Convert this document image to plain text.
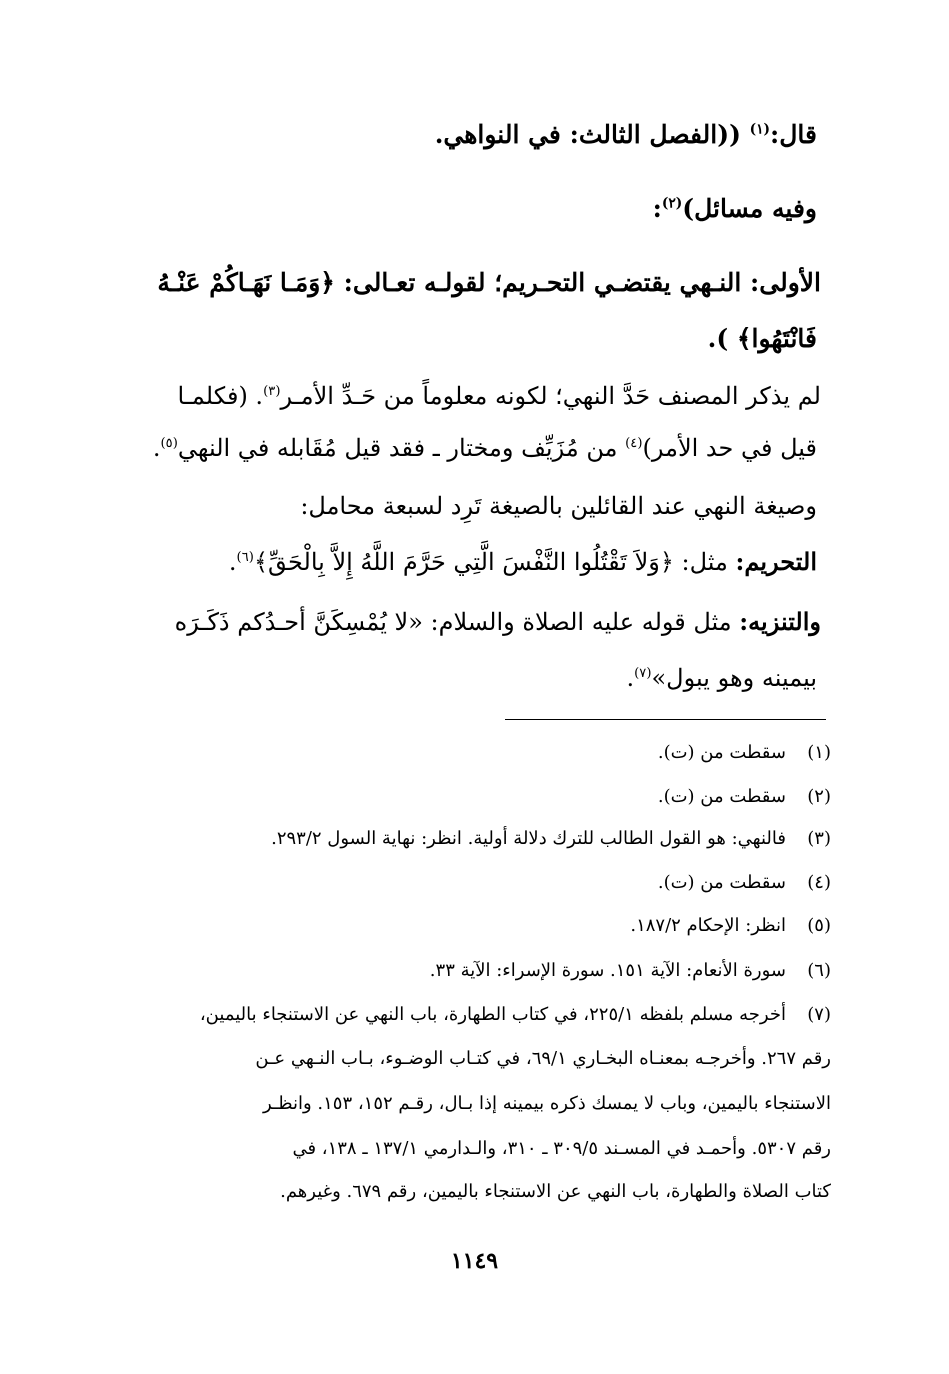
قال:$^{(١)}$ ((الفصل الثالث: في النواهي.
وفيه مسائل)$^{(٢)}$:
الأولى: النـهي يقتضـي التحـريم؛ لقولـه تعـالى: ﴿وَمَـا نَهَـاكُمْ عَنْـهُ
فَانْتَهُوا﴾ ).
لم يذكر المصنف حَدَّ النهي؛ لكونه معلوماً من حَـدِّ الأمـر$^{(٣)}$. (فكلمـا
قيل في حد الأمر)$^{(٤)}$ من مُزَيِّف ومختار ـ فقد قيل مُقَابله في النهي$^{(٥)}$.
وصيغة النهي عند القائلين بالصيغة تَرِد لسبعة محامل:
التحريم: مثل: ﴿وَلاَ تَقْتُلُوا النَّفْسَ الَّتِي حَرَّمَ اللَّهُ إِلاَّ بِالْحَقِّ﴾$^{(٦)}$.
والتنزيه: مثل قوله عليه الصلاة والسلام: «لا يُمْسِكَنَّ أحـدُكم ذَكَـرَه
بيمينه وهو يبول»$^{(٧)}$.
(١)
سقطت من (ت).
(٢)
سقطت من (ت).
(٣)
فالنهي: هو القول الطالب للترك دلالة أولية. انظر: نهاية السول ٢٩٣/٢.
(٤)
سقطت من (ت).
(٥)
انظر: الإحكام ١٨٧/٢.
(٦)
سورة الأنعام: الآية ١٥١. سورة الإسراء: الآية ٣٣.
(٧)
أخرجه مسلم بلفظه ٢٢٥/١، في كتاب الطهارة، باب النهي عن الاستنجاء باليمين،
رقم ٢٦٧. وأخرجـه بمعنـاه البخـاري ٦٩/١، في كتـاب الوضـوء، بـاب النـهي عـن
الاستنجاء باليمين، وباب لا يمسك ذكره بيمينه إذا بـال، رقـم ١٥٢، ١٥٣. وانظـر
رقم ٥٣٠٧. وأحمـد في المسـند ٣٠٩/٥ ـ ٣١٠، والـدارمي ١٣٧/١ ـ ١٣٨، في
كتاب الصلاة والطهارة، باب النهي عن الاستنجاء باليمين، رقم ٦٧٩. وغيرهم.
١١٤٩
